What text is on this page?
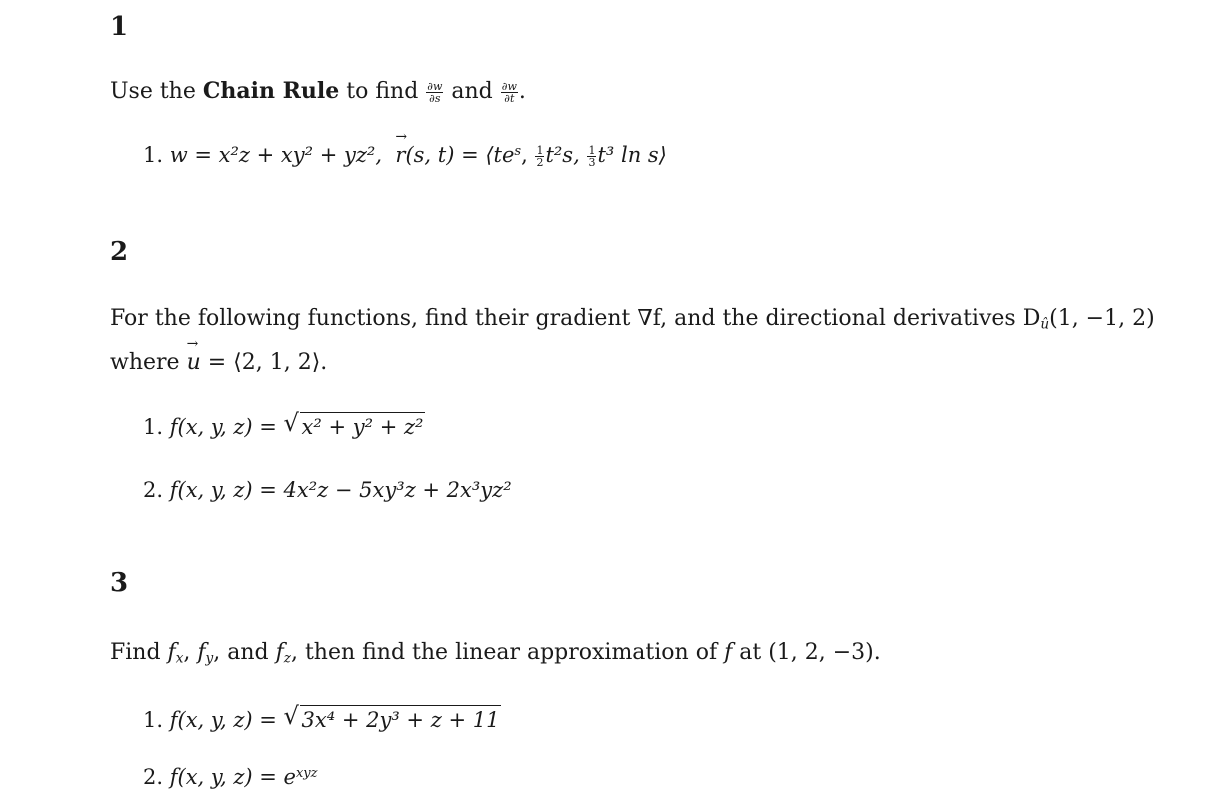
1
Use the Chain Rule to find $\frac{\partial w}{\partial s}$ and $\frac{\partial w}{\partial t}$ .
1. w = x²z + xy² + yz², → r(s, $t) = ⟨te^s$, $\frac{1}{2} t^2s$, $\frac{1}{3} t^3$ ln s⟩
2
For the following functions, find their gradient ∇f, and the directional derivatives $D_û(1$, −1, 2)
where → u = ⟨2, 1, 2⟩.
1. f(x, y, z) = √ x² + y² + z²
2. f(x, y, z) = 4x²z − 5xy³z + 2x³yz²
3
Find $f_x$, $f_y$, and $f_z$, then find the linear approximation of f at (1, 2, −3).
1. f(x, y, z) = √ 3x⁴ + 2y³ + z + 11
2. f(x, y, $z) = e^{xyz}$
